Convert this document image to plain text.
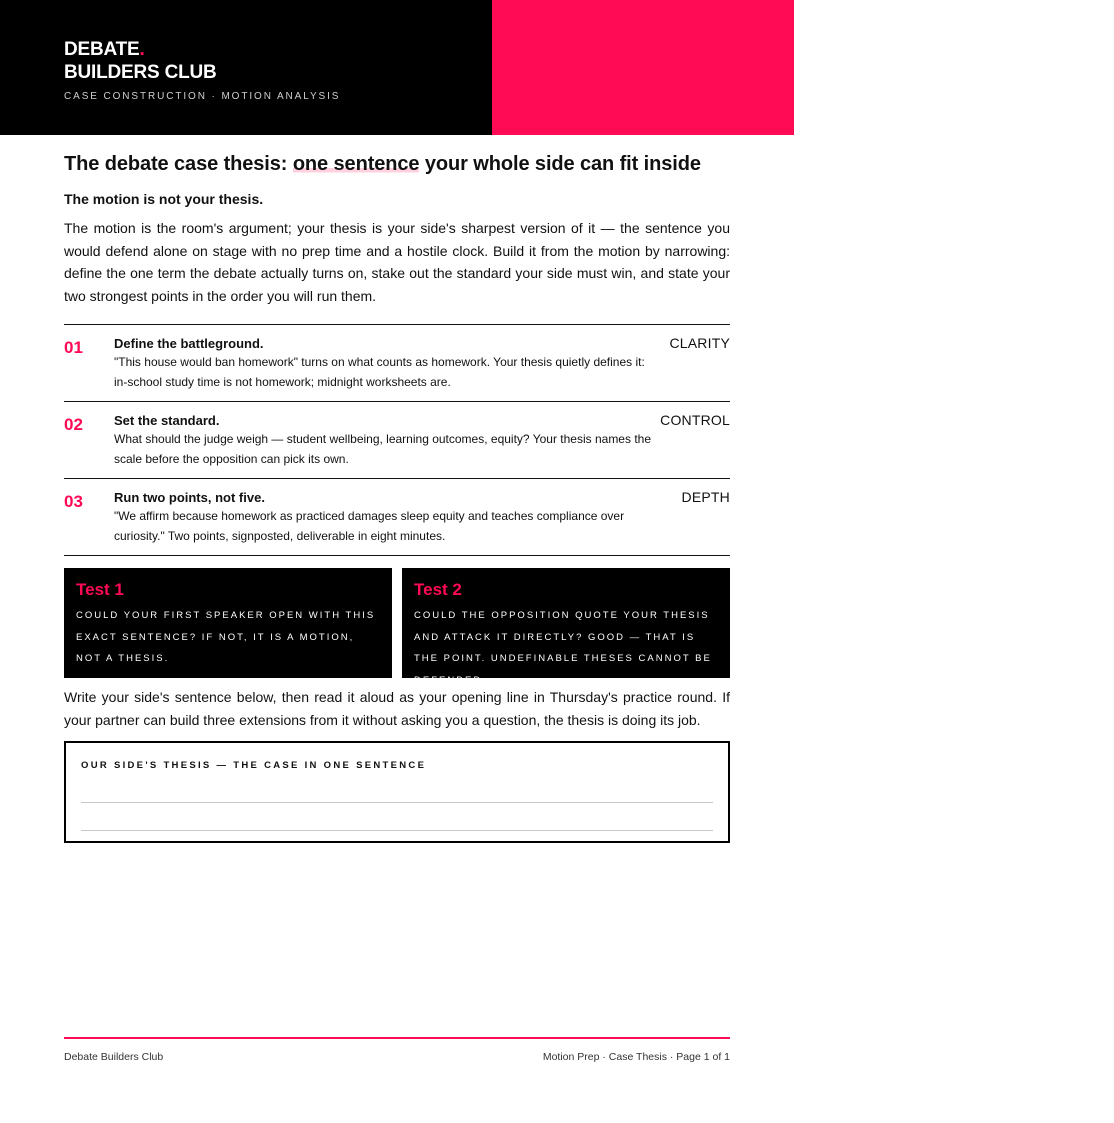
DEBATE.
BUILDERS CLUB
CASE CONSTRUCTION · MOTION ANALYSIS
Session: Motion Prep
This motion:
Side: AffirmativeNegative
The debate case thesis: one sentence your whole side can fit inside

The motion is not your thesis.

The motion is the room's argument; your thesis is your side's sharpest version of it — the sentence you would defend alone on stage with no prep time and a hostile clock. Build it from the motion by narrowing: define the one term the debate actually turns on, stake out the standard your side must win, and state your two strongest points in the order you will run them.

01 Define the battleground.
"This house would ban homework" turns on what counts as homework. Your thesis quietly defines it: in-school study time is not homework; midnight worksheets are.
CLARITY
02 Set the standard.
What should the judge weigh — student wellbeing, learning outcomes, equity? Your thesis names the scale before the opposition can pick its own.
CONTROL
03 Run two points, not five.
"We affirm because homework as practiced damages sleep equity and teaches compliance over curiosity." Two points, signposted, deliverable in eight minutes.
DEPTH
Test 1
COULD YOUR FIRST SPEAKER OPEN WITH THIS EXACT SENTENCE? IF NOT, IT IS A MOTION, NOT A THESIS.
Test 2
COULD THE OPPOSITION QUOTE YOUR THESIS AND ATTACK IT DIRECTLY? GOOD — THAT IS THE POINT. UNDEFINABLE THESES CANNOT BE DEFENDED.

Write your side's sentence below, then read it aloud as your opening line in Thursday's practice round. If your partner can build three extensions from it without asking you a question, the thesis is doing its job.

OUR SIDE'S THESIS — THE CASE IN ONE SENTENCE
Debate Builders Club	Motion Prep · Case Thesis · Page 1 of 1
